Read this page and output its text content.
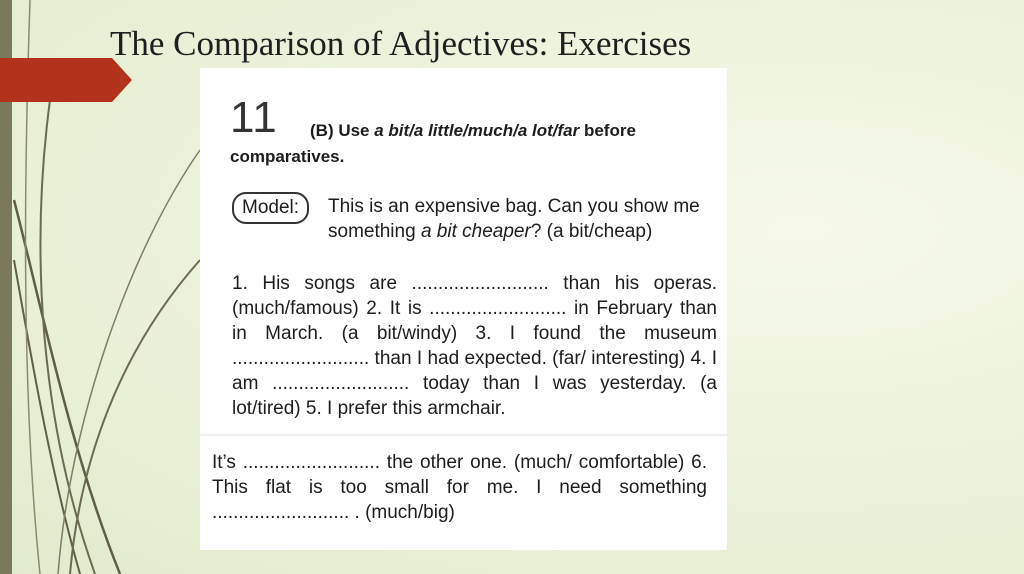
The Comparison of Adjectives: Exercises
11	(B) Use a bit/a little/much/a lot/far before comparatives.
Model:	This is an expensive bag. Can you show me something a bit cheaper? (a bit/cheap)
1. His songs are .......................... than his operas. (much/famous) 2. It is .......................... in February than in March. (a bit/windy) 3. I found the museum .......................... than I had expected. (far/ interesting) 4. I am .......................... today than I was yesterday. (a lot/tired) 5. I prefer this armchair.
It’s .......................... the other one. (much/ comfortable) 6. This flat is too small for me. I need something .......................... . (much/big)
